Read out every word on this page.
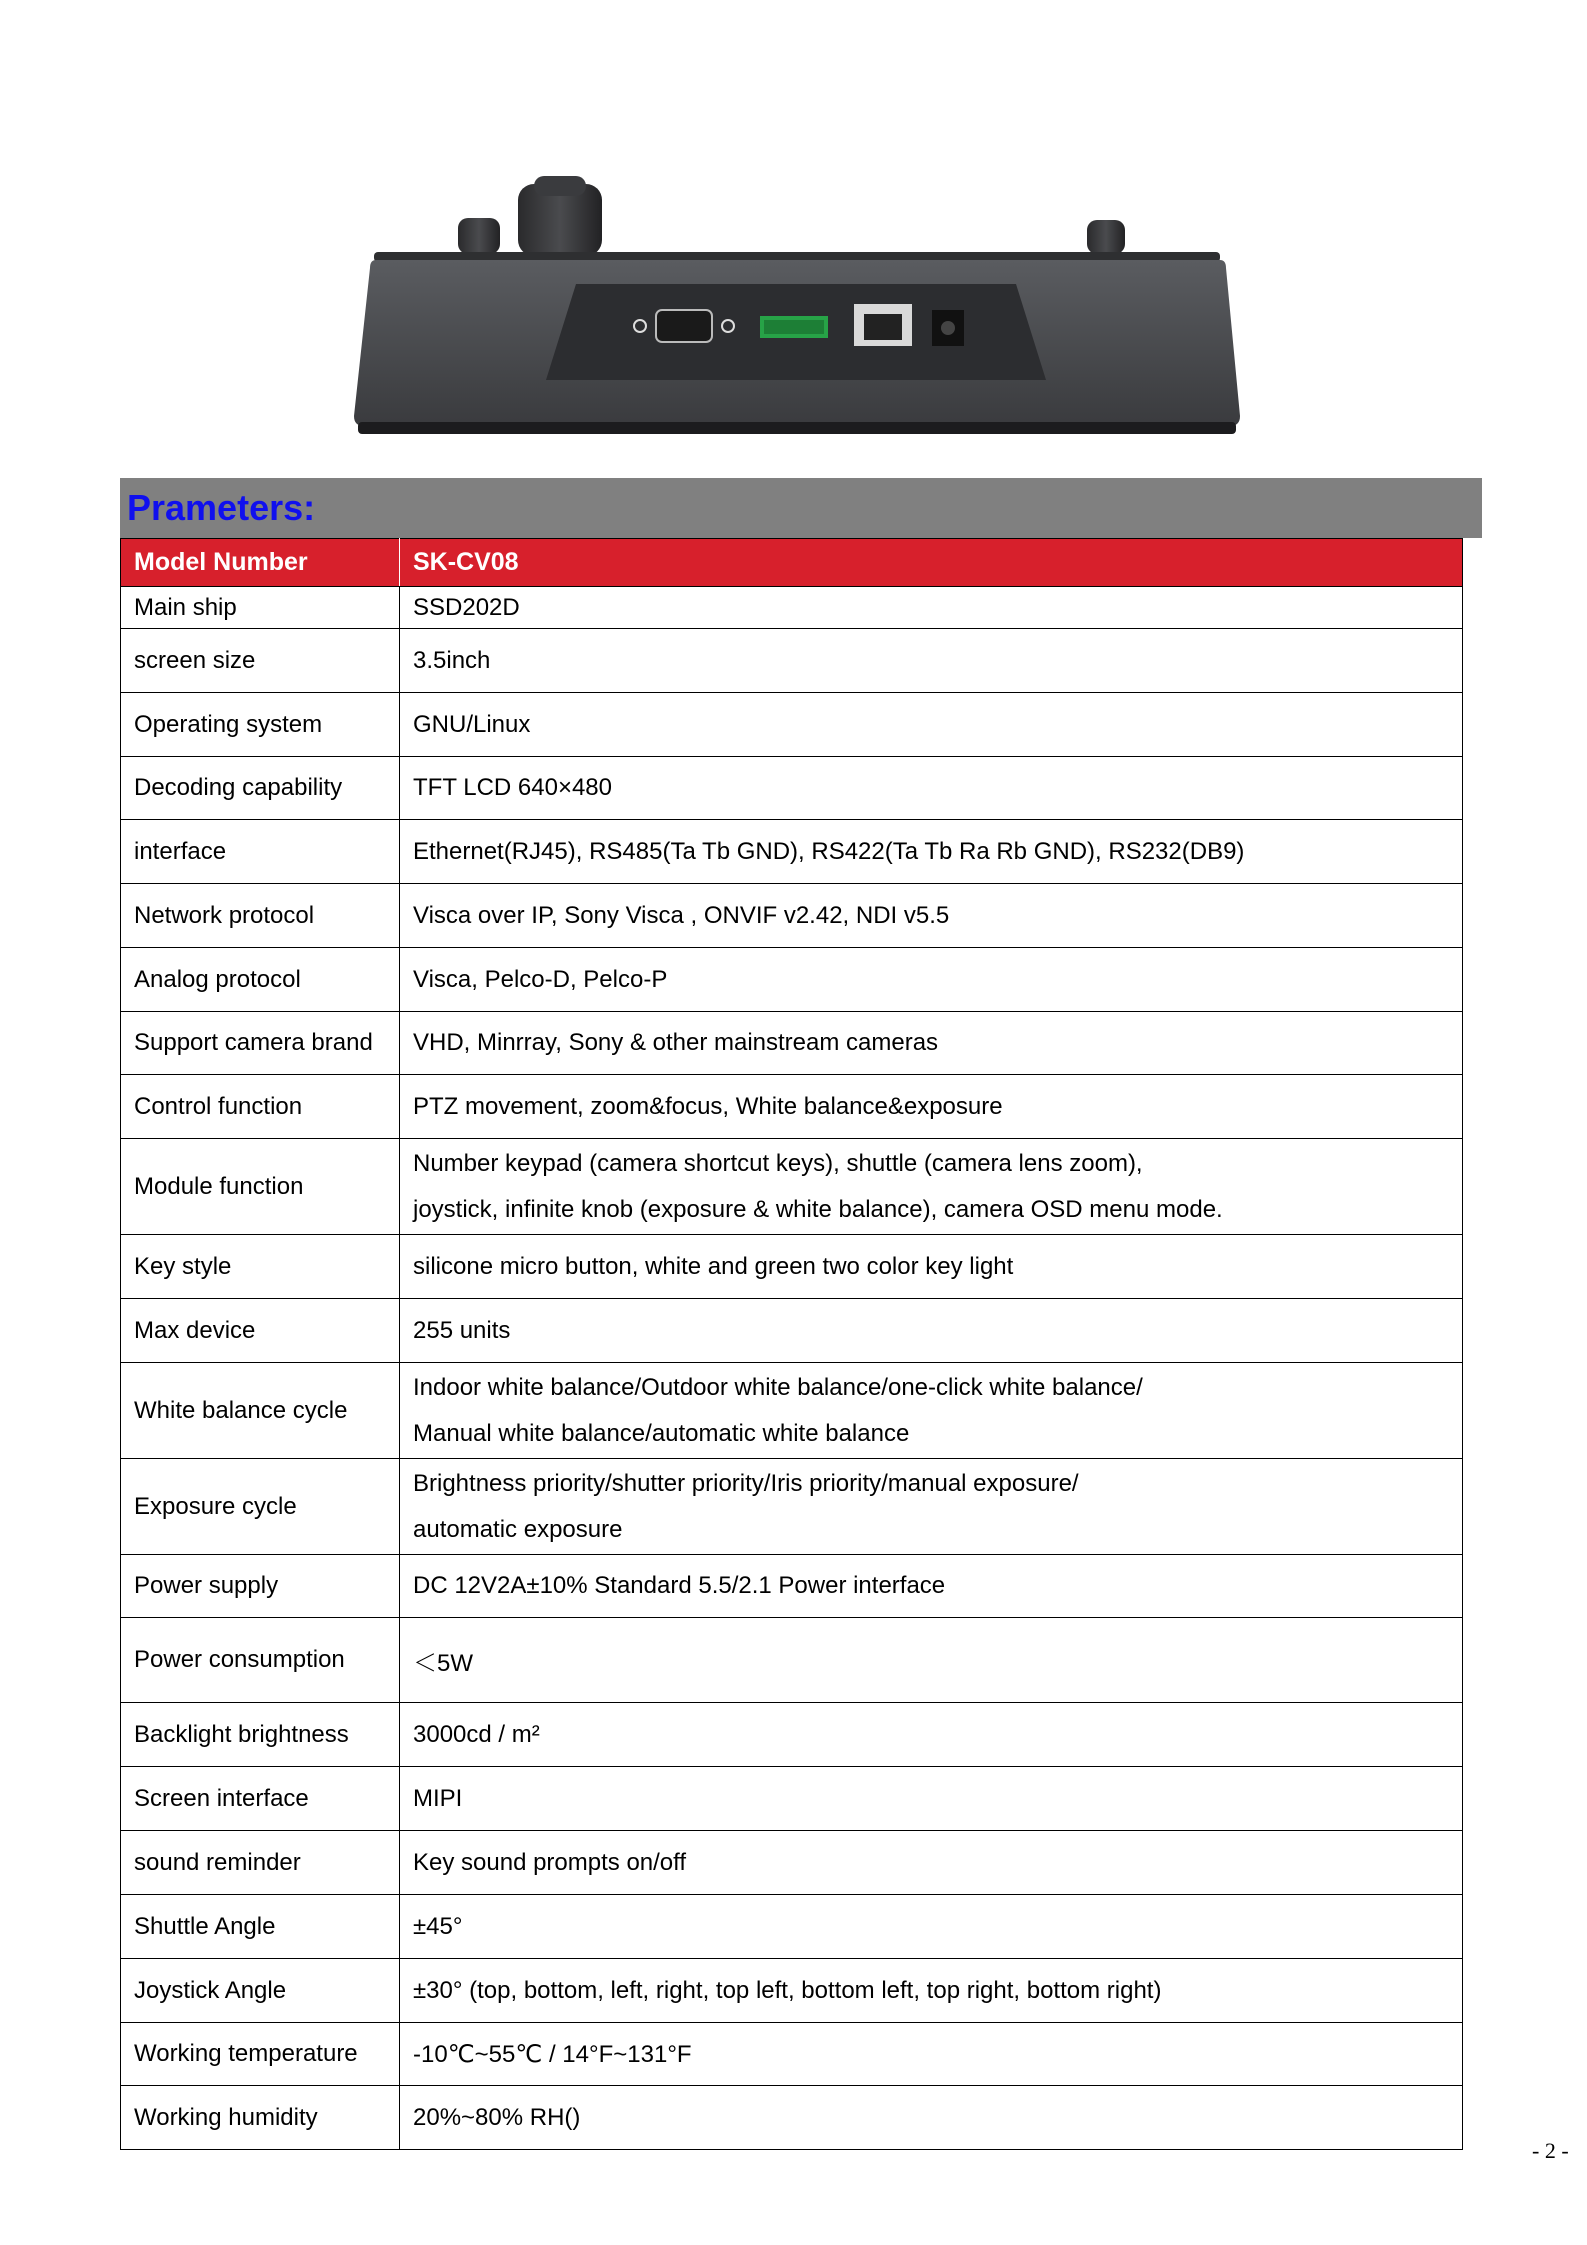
Prameters:
Model Number	SK-CV08
Main ship	SSD202D
screen size	3.5inch
Operating system	GNU/Linux
Decoding capability	TFT LCD 640×480
interface	Ethernet(RJ45), RS485(Ta Tb GND), RS422(Ta Tb Ra Rb GND), RS232(DB9)
Network protocol	Visca over IP, Sony Visca , ONVIF v2.42, NDI v5.5
Analog protocol	Visca, Pelco-D, Pelco-P
Support camera brand	VHD, Minrray, Sony & other mainstream cameras
Control function	PTZ movement, zoom&focus, White balance&exposure
Module function	Number keypad (camera shortcut keys), shuttle (camera lens zoom),
joystick, infinite knob (exposure & white balance), camera OSD menu mode.

Key style	silicone micro button, white and green two color key light
Max device	255 units
White balance cycle	Indoor white balance/Outdoor white balance/one-click white balance/
Manual white balance/automatic white balance

Exposure cycle	Brightness priority/shutter priority/Iris priority/manual exposure/
automatic exposure

Power supply	DC 12V2A±10% Standard 5.5/2.1 Power interface
Power consumption	＜5W
Backlight brightness	3000cd / m²
Screen interface	MIPI
sound reminder	Key sound prompts on/off
Shuttle Angle	±45°
Joystick Angle	±30° (top, bottom, left, right, top left, bottom left, top right, bottom right)
Working temperature	-10℃~55℃ / 14°F~131°F
Working humidity	20%~80% RH()
- 2 -
